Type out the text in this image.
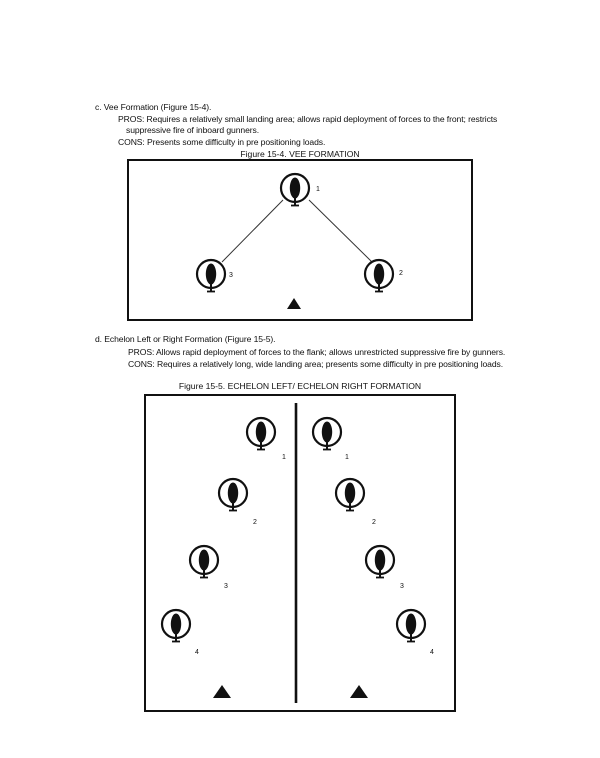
c. Vee Formation (Figure 15-4).
PROS: Requires a relatively small landing area; allows rapid deployment of forces to the front; restricts
suppressive fire of inboard gunners.
CONS: Presents some difficulty in pre positioning loads.
Figure 15-4. VEE FORMATION
d. Echelon Left or Right Formation (Figure 15-5).
PROS: Allows rapid deployment of forces to the flank; allows unrestricted suppressive fire by gunners.
CONS: Requires a relatively long, wide landing area; presents some difficulty in pre positioning loads.
Figure 15-5. ECHELON LEFT/ ECHELON RIGHT FORMATION
1
3	2
1
2
3
4
1
2
3
4
